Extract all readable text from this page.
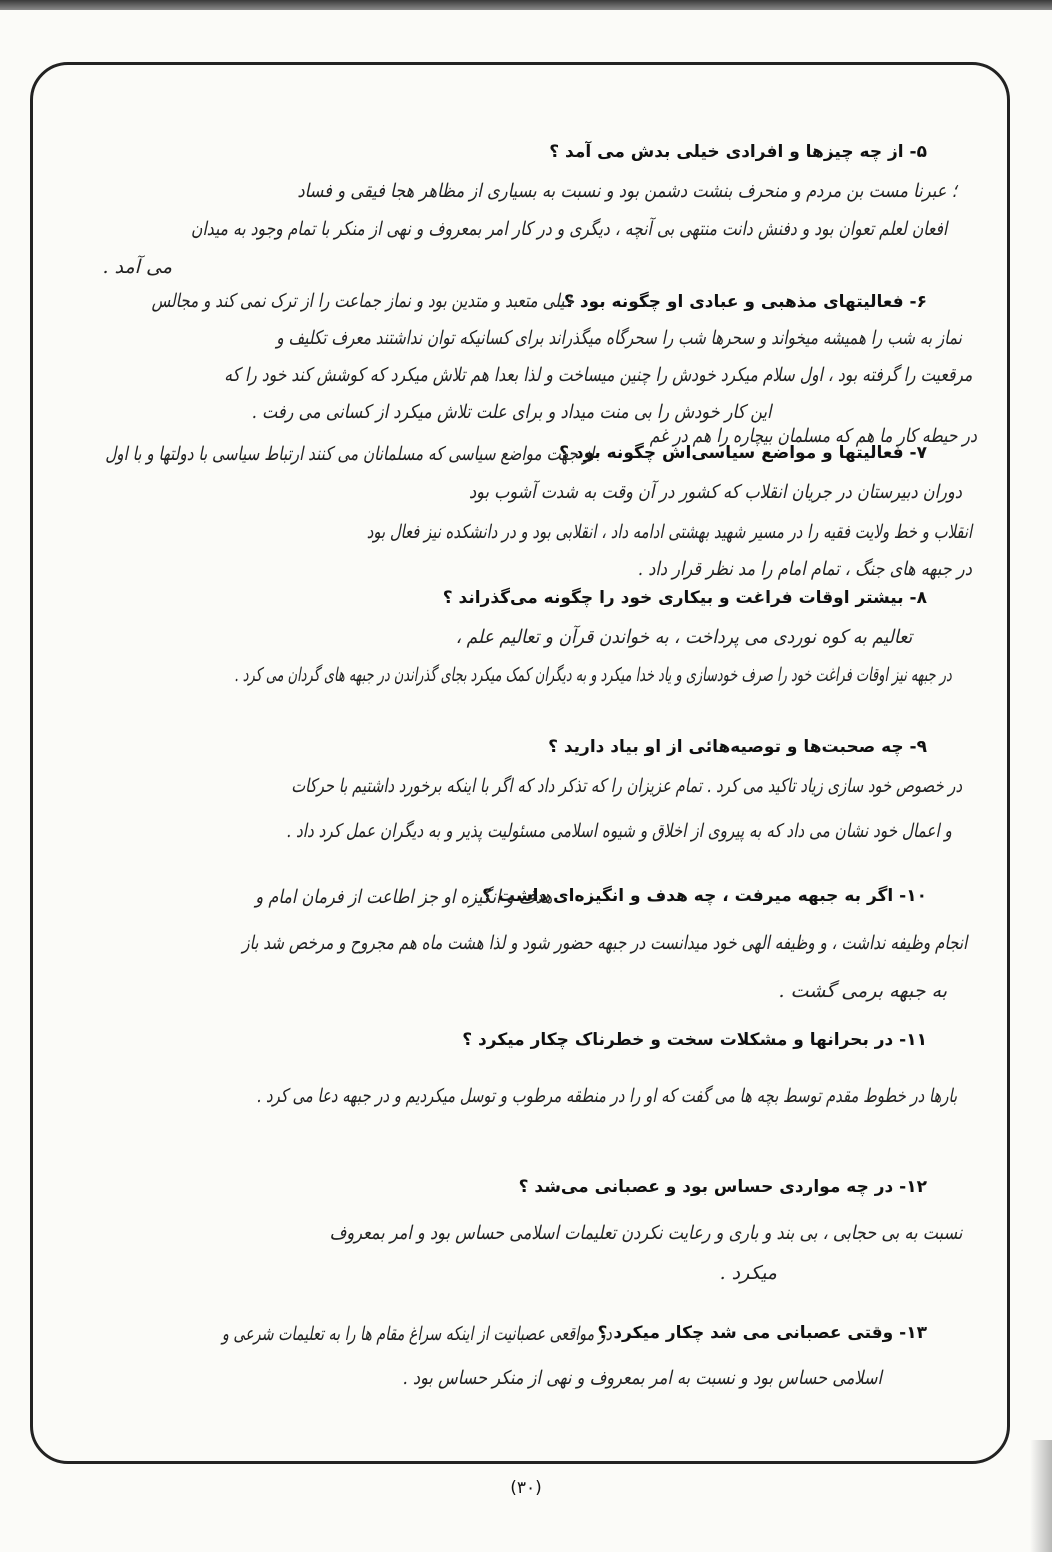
۵- از چه چیزها و افرادی خیلی بدش می آمد ؟
؛ عبرنا مست بن مردم و منحرف بنشت دشمن بود و نسبت به بسیاری از مظاهر هجا فیقی و فساد
افعان لعلم تعوان بود و دفنش دانت منتهی بی آنچه ، دیگری و در کار امر بمعروف و نهی از منکر با تمام وجود به میدان
می آمد .
۶- فعالیتهای مذهبی و عبادی او چگونه بود ؟
خیلی متعبد و متدین بود و نماز جماعت را از ترک نمی کند و مجالس
نماز به شب را همیشه میخواند و سحرها شب را سحرگاه میگذراند برای کسانیکه توان نداشتند معرف تکلیف و
مرقعیت را گرفته بود ، اول سلام میکرد خودش را چنین میساخت و لذا بعدا هم تلاش میکرد که کوشش کند خود را که
این کار خودش را بی منت میداد و برای علت تلاش میکرد از کسانی می رفت .
در حیطه کار ما هم که مسلمان بیچاره را هم در غم
۷- فعالیتها و مواضع سیاسی‌اش چگونه بود ؟
از جهت مواضع سیاسی که مسلمانان می کنند ارتباط سیاسی با دولتها و با اول
دوران دبیرستان در جریان انقلاب که کشور در آن وقت به شدت آشوب بود
انقلاب و خط ولایت فقیه را در مسیر شهید بهشتی ادامه داد ، انقلابی بود و در دانشکده نیز فعال بود
در جبهه های جنگ ، تمام امام را مد نظر قرار داد .
۸- بیشتر اوقات فراغت و بیکاری خود را چگونه می‌گذراند ؟
تعالیم به کوه نوردی می پرداخت ، به خواندن قرآن و تعالیم علم ،
در جبهه نیز اوقات فراغت خود را صرف خودسازی و یاد خدا میکرد و به دیگران کمک میکرد بجای گذراندن در جبهه های گردان می کرد .
۹- چه صحبت‌ها و توصیه‌هائی از او بیاد دارید ؟
در خصوص خود سازی زیاد تاکید می کرد . تمام عزیزان را که تذکر داد که اگر با اینکه برخورد داشتیم با حرکات
و اعمال خود نشان می داد که به پیروی از اخلاق و شیوه اسلامی مسئولیت پذیر و به دیگران عمل کرد داد .
۱۰- اگر به جبهه میرفت ، چه هدف و انگیزه‌ای داشت ؟
هدف و انگیزه او جز اطاعت از فرمان امام و
انجام وظیفه نداشت ، و وظیفه الهی خود میدانست در جبهه حضور شود و لذا هشت ماه هم مجروح و مرخص شد باز
به جبهه برمی گشت .
۱۱- در بحرانها و مشکلات سخت و خطرناک چکار میکرد ؟
بارها در خطوط مقدم توسط بچه ها می گفت که او را در منطقه مرطوب و توسل میکردیم و در جبهه دعا می کرد .
۱۲- در چه مواردی حساس بود و عصبانی می‌شد ؟
نسبت به بی حجابی ، بی بند و باری و رعایت نکردن تعلیمات اسلامی حساس بود و امر بمعروف
میکرد .
۱۳- وقتی عصبانی می شد چکار میکرد ؟
در مواقعی عصبانیت از اینکه سراغ مقام ها را به تعلیمات شرعی و
اسلامی حساس بود و نسبت به امر بمعروف و نهی از منکر حساس بود .
(۳۰)
